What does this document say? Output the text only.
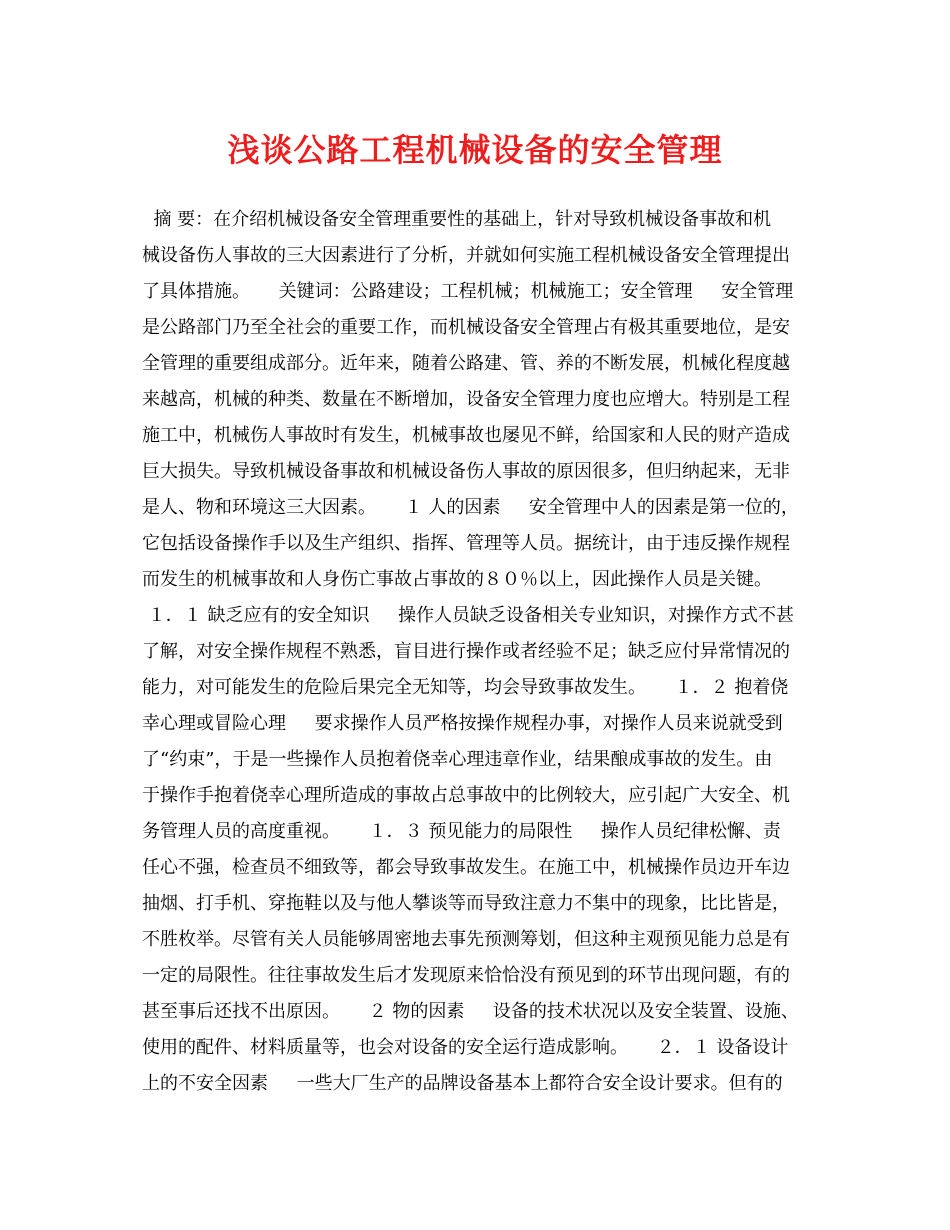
浅谈公路工程机械设备的安全管理
摘 要：在介绍机械设备安全管理重要性的基础上，针对导致机械设备事故和机
械设备伤人事故的三大因素进行了分析，并就如何实施工程机械设备安全管理提出
了具体措施。     关键词：公路建设；工程机械；机械施工；安全管理     安全管理
是公路部门乃至全社会的重要工作，而机械设备安全管理占有极其重要地位，是安
全管理的重要组成部分。近年来，随着公路建、管、养的不断发展，机械化程度越
来越高，机械的种类、数量在不断增加，设备安全管理力度也应增大。特别是工程
施工中，机械伤人事故时有发生，机械事故也屡见不鲜，给国家和人民的财产造成
巨大损失。导致机械设备事故和机械设备伤人事故的原因很多，但归纳起来，无非
是人、物和环境这三大因素。     １ 人的因素     安全管理中人的因素是第一位的，
它包括设备操作手以及生产组织、指挥、管理等人员。据统计，由于违反操作规程
而发生的机械事故和人身伤亡事故占事故的８０％以上，因此操作人员是关键。
１．１ 缺乏应有的安全知识     操作人员缺乏设备相关专业知识，对操作方式不甚
了解，对安全操作规程不熟悉，盲目进行操作或者经验不足；缺乏应付异常情况的
能力，对可能发生的危险后果完全无知等，均会导致事故发生。     １．２ 抱着侥
幸心理或冒险心理     要求操作人员严格按操作规程办事，对操作人员来说就受到
了“约束”，于是一些操作人员抱着侥幸心理违章作业，结果酿成事故的发生。由
于操作手抱着侥幸心理所造成的事故占总事故中的比例较大，应引起广大安全、机
务管理人员的高度重视。     １．３ 预见能力的局限性     操作人员纪律松懈、责
任心不强，检查员不细致等，都会导致事故发生。在施工中，机械操作员边开车边
抽烟、打手机、穿拖鞋以及与他人攀谈等而导致注意力不集中的现象，比比皆是，
不胜枚举。尽管有关人员能够周密地去事先预测筹划，但这种主观预见能力总是有
一定的局限性。往往事故发生后才发现原来恰恰没有预见到的环节出现问题，有的
甚至事后还找不出原因。     ２ 物的因素     设备的技术状况以及安全装置、设施、
使用的配件、材料质量等，也会对设备的安全运行造成影响。     ２．１ 设备设计
上的不安全因素     一些大厂生产的品牌设备基本上都符合安全设计要求。但有的
